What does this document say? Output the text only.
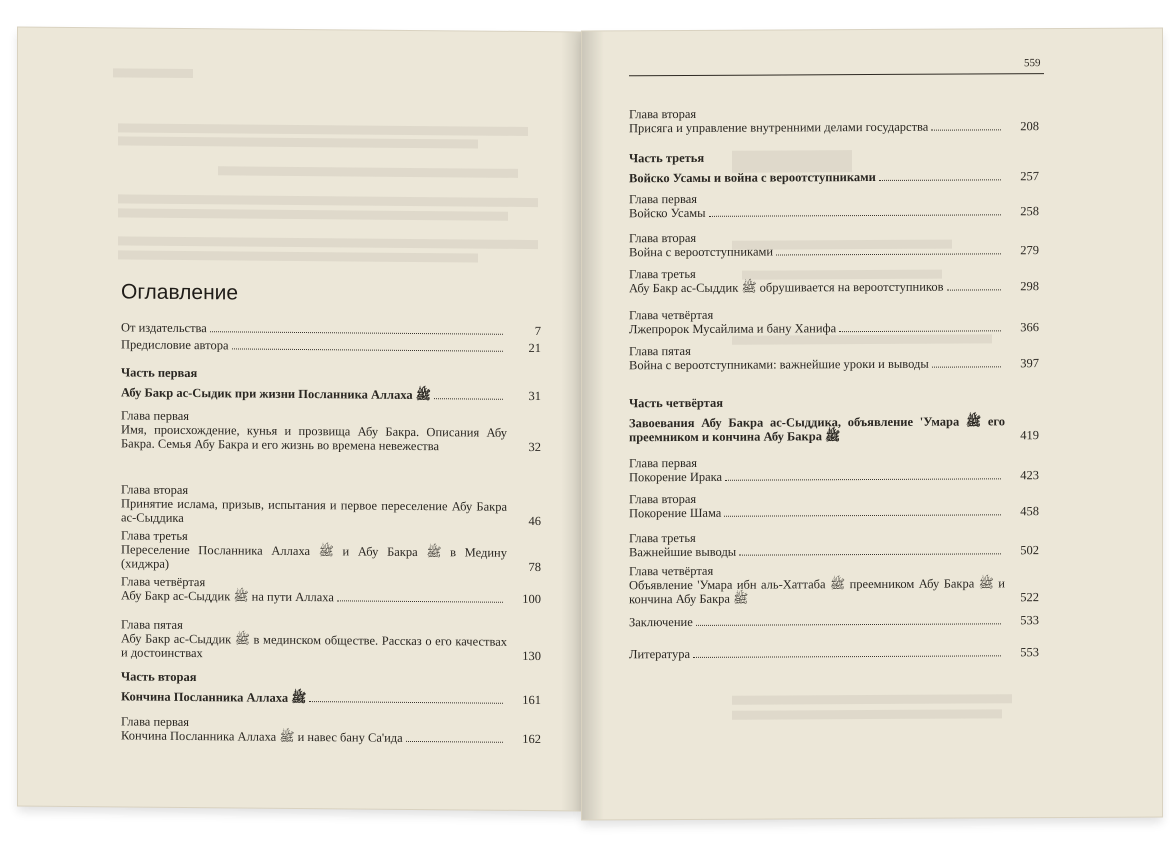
Оглавление
От издательства	7
Предисловие автора	21
Часть первая
Абу Бакр ас-Сыдик при жизни Посланника Аллаха ﷺ	31
Глава первая
Имя, происхождение, кунья и прозвища Абу Бакра. Описания Абу Бакра. Семья Абу Бакра и его жизнь во времена невежества	32
Глава вторая
Принятие ислама, призыв, испытания и первое переселение Абу Бакра ас-Сыддика	46
Глава третья
Переселение Посланника Аллаха ﷺ и Абу Бакра ﷺ в Медину (хиджра)	78
Глава четвёртая
Абу Бакр ас-Сыддик ﷺ на пути Аллаха	100
Глава пятая
Абу Бакр ас-Сыддик ﷺ в мединском обществе. Рассказ о его качествах и достоинствах	130
Часть вторая
Кончина Посланника Аллаха ﷺ	161
Глава первая
Кончина Посланника Аллаха ﷺ и навес бану Са'ида	162
559
Глава вторая
Присяга и управление внутренними делами государства	208
Часть третья
Войско Усамы и война с вероотступниками	257
Глава первая
Войско Усамы	258
Глава вторая
Война с вероотступниками	279
Глава третья
Абу Бакр ас-Сыддик ﷺ обрушивается на вероотступников	298
Глава четвёртая
Лжепророк Мусайлима и бану Ханифа	366
Глава пятая
Война с вероотступниками: важнейшие уроки и выводы	397
Часть четвёртая
Завоевания Абу Бакра ас-Сыддика, объявление 'Умара ﷺ его преемником и кончина Абу Бакра ﷺ	419
Глава первая
Покорение Ирака	423
Глава вторая
Покорение Шама	458
Глава третья
Важнейшие выводы	502
Глава четвёртая
Объявление 'Умара ибн аль-Хаттаба ﷺ преемником Абу Бакра ﷺ и кончина Абу Бакра ﷺ	522
Заключение	533
Литература	553
